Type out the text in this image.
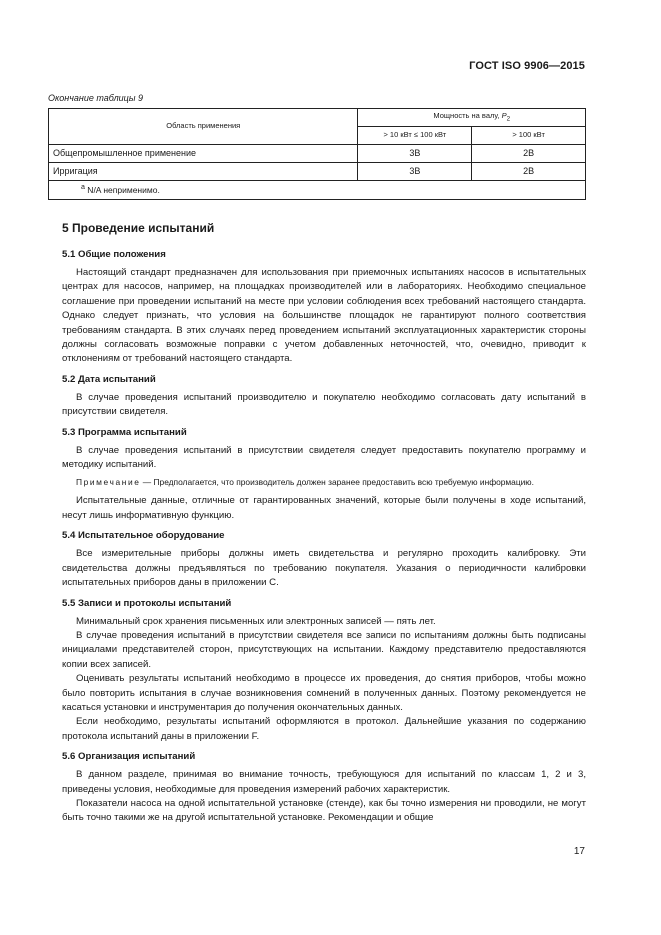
ГОСТ ISO 9906—2015
Окончание таблицы 9
Область применения	Мощность на валу, $P_2$
	> 10 кВт ≤ 100 кВт	> 100 кВт
Общепромышленное применение	3B	2B
Ирригация	3B	2B
$^a$ N/A неприменимо.		
5 Проведение испытаний
5.1 Общие положения

Настоящий стандарт предназначен для использования при приемочных испытаниях насосов в испытательных центрах для насосов, например, на площадках производителей или в лабораториях. Необходимо специальное соглашение при проведении испытаний на месте при условии соблюдения всех требований настоящего стандарта. Однако следует признать, что условия на большинстве площадок не гарантируют полного соответствия требованиям стандарта. В этих случаях перед проведением испытаний эксплуатационных характеристик стороны должны согласовать возможные поправки с учетом добавленных неточностей, что, очевидно, приводит к отклонениям от требований настоящего стандарта.

5.2 Дата испытаний

В случае проведения испытаний производителю и покупателю необходимо согласовать дату испытаний в присутствии свидетеля.

5.3 Программа испытаний

В случае проведения испытаний в присутствии свидетеля следует предоставить покупателю программу и методику испытаний.

Примечание — Предполагается, что производитель должен заранее предоставить всю требуемую информацию.

Испытательные данные, отличные от гарантированных значений, которые были получены в ходе испытаний, несут лишь информативную функцию.

5.4 Испытательное оборудование

Все измерительные приборы должны иметь свидетельства и регулярно проходить калибровку. Эти свидетельства должны предъявляться по требованию покупателя. Указания о периодичности калибровки испытательных приборов даны в приложении C.

5.5 Записи и протоколы испытаний

Минимальный срок хранения письменных или электронных записей — пять лет.

В случае проведения испытаний в присутствии свидетеля все записи по испытаниям должны быть подписаны инициалами представителей сторон, присутствующих на испытании. Каждому представителю предоставляются копии всех записей.

Оценивать результаты испытаний необходимо в процессе их проведения, до снятия приборов, чтобы можно было повторить испытания в случае возникновения сомнений в полученных данных. Поэтому рекомендуется не касаться установки и инструментария до получения окончательных данных.

Если необходимо, результаты испытаний оформляются в протокол. Дальнейшие указания по содержанию протокола испытаний даны в приложении F.

5.6 Организация испытаний

В данном разделе, принимая во внимание точность, требующуюся для испытаний по классам 1, 2 и 3, приведены условия, необходимые для проведения измерений рабочих характеристик.

Показатели насоса на одной испытательной установке (стенде), как бы точно измерения ни проводили, не могут быть точно такими же на другой испытательной установке. Рекомендации и общие

17
